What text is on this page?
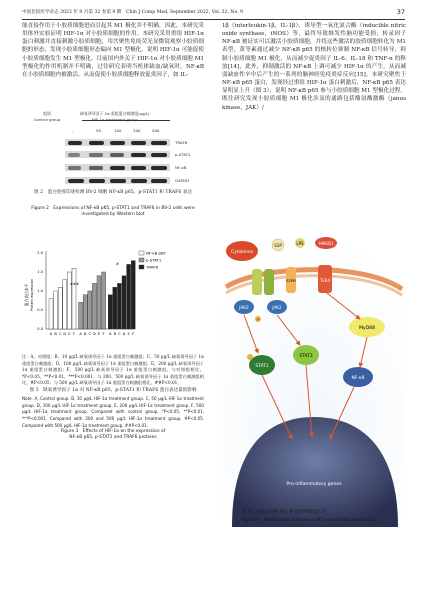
中国比较医学杂志 2022 年 9 月第 32 卷第 9 期　Chin J Comp Med, September 2022, Vol. 32, No. 9	37

能直接作用于小胶质细胞进而引起其 M1 极化并不明确，因此，本研究采用体外实验证明 HIF-1α 对小胶质细胞的作用。本研究采用重组 HIF-1α 蛋白刺激并直接刺激小胶质细胞，用共聚焦免疫荧光显微镜观察小胶质细胞的形态，发现小胶质细胞形态偏向 M1 型极化，说明 HIF-1α 可能促使小胶质细胞发生 M1 型极化。目前国内外关于 HIF-1α 对小胶质细胞 M1 型极化的作用机制并不明确，过往研究表明当机体缺血/缺氧时，NF-κB 在小胶质细胞内被激活，从而促使小胶质细胞释放促炎因子，如 IL-

组别
Control group
缺氧诱导因子 1α 重组蛋白刺激组(μg/L)
HIF-1α treatment group
-	50	100	200	500
TRAF6
p-STAT1
NF-κB
GAPDH
图 2　蛋白免疫印迹检测 BV-2 细胞 NF-κB p65、p-STAT1 和 TRAF6 表达
Figure 2　Expressions of NF-κB p65, p-STAT1 and TRAF6 in BV-2 cells were investigated by Western blot
蛋白表达水平 Protein expression
2.0
1.5
1.0
0.5
0.0
A B C D E F A B C D E F A B C D E F
###
#
NF-κB p65
p-STAT1
TRAF6

注：A，对照组；B，10 μg/L 缺氧诱导因子 1α 重组蛋白刺激组；C，50 μg/L 缺氧诱导因子 1α 重组蛋白刺激组；D，100 μg/L 缺氧诱导因子 1α 重组蛋白刺激组；E，200 μg/L 缺氧诱导因子 1α 重组蛋白刺激组；F，500 μg/L 缺氧诱导因子 1α 重组蛋白刺激组。与对照组相比，*P<0.05，**P<0.01，***P<0.001；与 200、500 μg/L 缺氧诱导因子 1α 重组蛋白刺激组相比，#P<0.05；与 500 μg/L 缺氧诱导因子 1α 重组蛋白刺激组相比，##P<0.01。

图 3　缺氧诱导因子 1α 对 NF-κB p65、p-STAT1 和 TRAF6 蛋白表达量的影响

Note. A, Control group. B, 10 μg/L HIF-1α treatment group. C, 50 μg/L HIF-1α treatment group. D, 100 μg/L HIF-1α treatment group. E, 200 μg/L HIF-1α treatment group. F, 500 μg/L HIF-1α treatment group. Compared with control group, *P<0.05, **P<0.01, ***P<0.001. Compared with 200 and 500 μg/L HIF-1α treatment group, #P<0.05. Compared with 500 μg/L HIF-1α treatment group, ##P<0.01.

Figure 3　Effects of HIF-1α on the expression of
NF-κB p65, p-STAT1 and TRAF6 proteins

1β（interleukin-1β，IL-1β）、诱导型一氧化氮合酶（inducible nitric oxide synthase，iNOS）等，最终导致继发性脑功能受损；转录因子 NF-κB 被证实可以激活小胶质细胞，并将这些激活的胶质细胞转化为 M1 表型，黄等素通过减少 NF-κB p65 的核转位抑制 NF-κB 信号转导，抑制小胶质细胞 M1 极化，从而减少促炎因子 IL-6、IL-18 和 TNF-α 的释放[14]，此外，抑制激活的 NF-κB 上调可减少 HIF-1α 的产生，从而减弱缺血性卒中后产生的一系列的脑神经免疫炎症反应[15]。本研究聚焦于 NF-κB p65 蛋白，发现经过重组 HIF-1α 蛋白刺激后，NF-κB p65 表达显明显上升（图 3），说明 NF-κB p65 参与小胶质细胞 M1 型极化过程。既往研究发现小胶质细胞 M1 极化涉及的通路包括酪氨酸激酶（janus kinase，JAK）/

Cytokines
S1P	LPS	HMGB1
S1PR	TLR4
JAK2	JAK2
P
MyD88
STAT1
STAT3
NF-κB
Pro-inflammatory genes
图 4　小胶质细胞 M1 极化的机制图[13]
Figure 4　Mechanistic diagram of M1 polarization in microglia
